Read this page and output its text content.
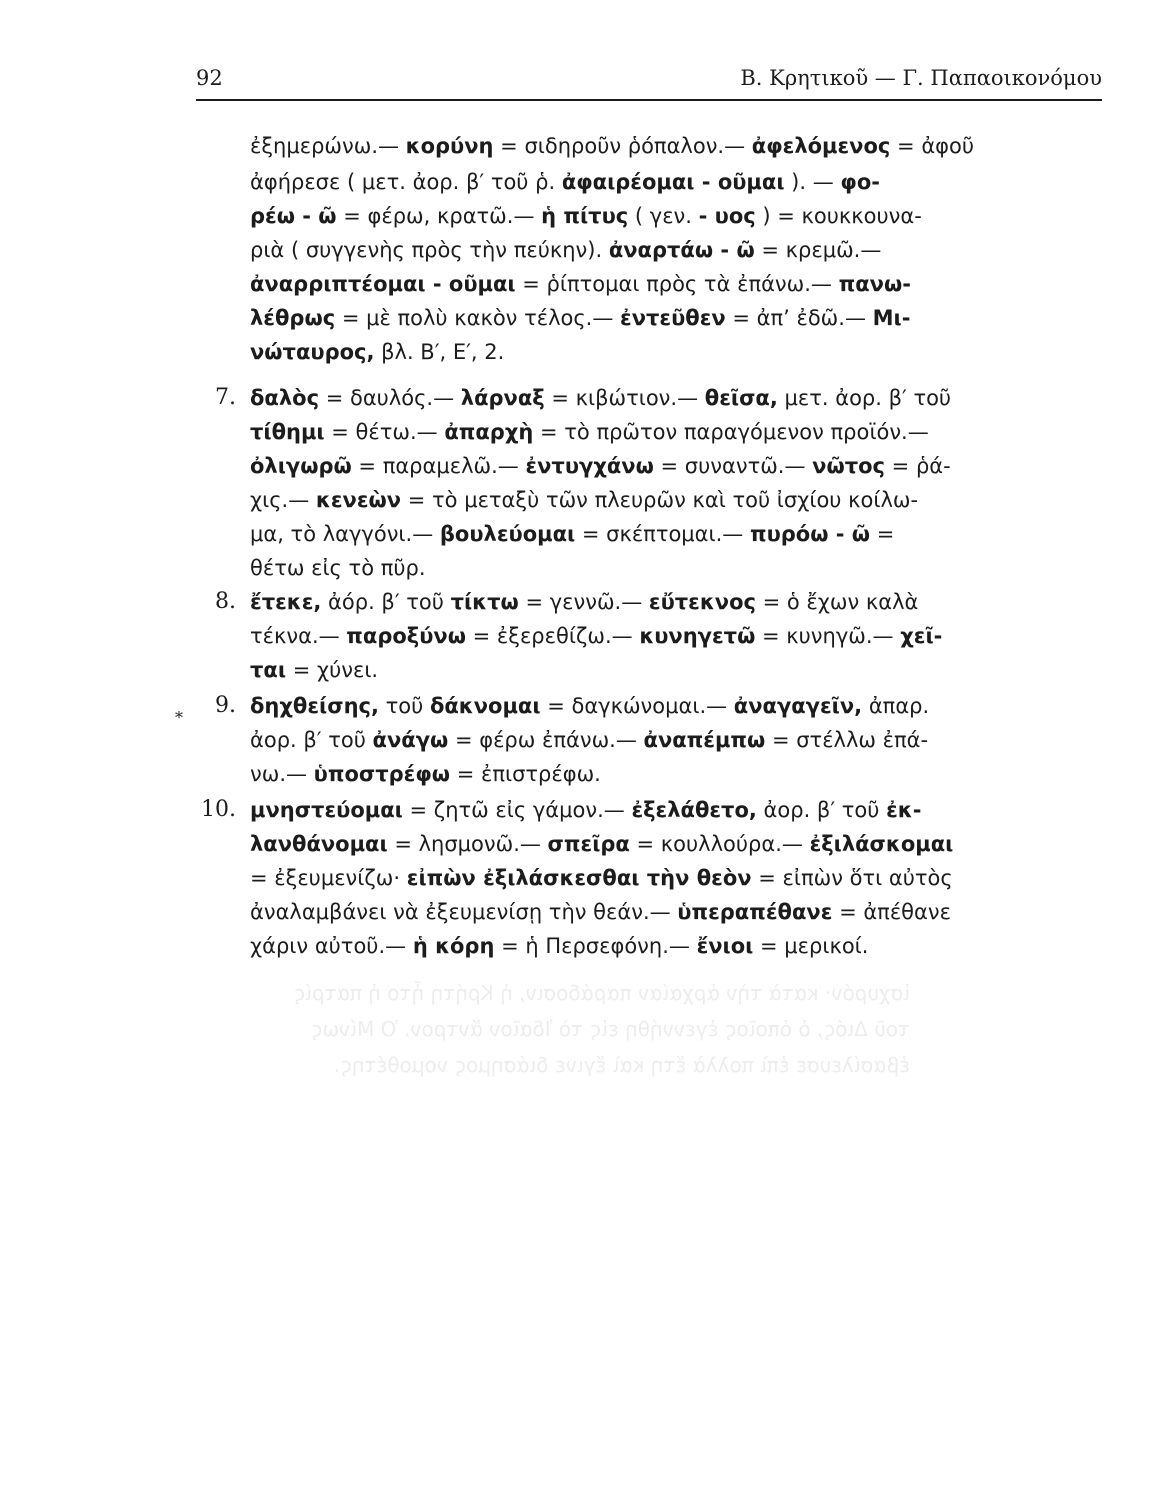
ἰσχυρόν· κατὰ τὴν ἀρχαίαν παράδοσιν, ἡ Κρήτη ἦτο ἡ πατρίς
τοῦ Διός, ὁ ὁποῖος ἐγεννήθη εἰς τὸ Ἰδαῖον ἄντρον. Ὁ Μίνως
ἐβασίλευσε ἐπὶ πολλὰ ἔτη καὶ ἔγινε διάσημος νομοθέτης.
92	Β. Κρητικοῦ — Γ. Παπαοικονόμου
7.
8.
9.
10.
*
ἐξημερώνω.— κορύνη = σιδηροῦν ῥόπαλον.— ἀφελόμενος = ἀφοῦ
ἀφήρεσε ( μετ. ἀορ. β′ τοῦ ῥ. ἀφαιρέομαι - οῦμαι ). — φο-
ρέω - ῶ = φέρω, κρατῶ.— ἡ πίτυς ( γεν. - υος ) = κουκκουνα-
ριὰ ( συγγενὴς πρὸς τὴν πεύκην). ἀναρτάω - ῶ = κρεμῶ.—
ἀναρριπτέομαι - οῦμαι = ῥίπτομαι πρὸς τὰ ἐπάνω.— πανω-
λέθρως = μὲ πολὺ κακὸν τέλος.— ἐντεῦθεν = ἀπ’ ἐδῶ.— Μι-
νώταυρος, βλ. Β′, Ε′, 2.
δαλὸς = δαυλός.— λάρναξ = κιβώτιον.— θεῖσα, μετ. ἀορ. β′ τοῦ
τίθημι = θέτω.— ἀπαρχὴ = τὸ πρῶτον παραγόμενον προϊόν.—
ὀλιγωρῶ = παραμελῶ.— ἐντυγχάνω = συναντῶ.— νῶτος = ῥά-
χις.— κενεὼν = τὸ μεταξὺ τῶν πλευρῶν καὶ τοῦ ἰσχίου κοίλω-
μα, τὸ λαγγόνι.— βουλεύομαι = σκέπτομαι.— πυρόω - ῶ =
θέτω εἰς τὸ πῦρ.
ἔτεκε, ἀόρ. β′ τοῦ τίκτω = γεννῶ.— εὔτεκνος = ὁ ἔχων καλὰ
τέκνα.— παροξύνω = ἐξερεθίζω.— κυνηγετῶ = κυνηγῶ.— χεῖ-
ται = χύνει.
δηχθείσης, τοῦ δάκνομαι = δαγκώνομαι.— ἀναγαγεῖν, ἀπαρ.
ἀορ. β′ τοῦ ἀνάγω = φέρω ἐπάνω.— ἀναπέμπω = στέλλω ἐπά-
νω.— ὑποστρέφω = ἐπιστρέφω.
μνηστεύομαι = ζητῶ εἰς γάμον.— ἐξελάθετο, ἀορ. β′ τοῦ ἐκ-
λανθάνομαι = λησμονῶ.— σπεῖρα = κουλλούρα.— ἐξιλάσκομαι
= ἐξευμενίζω· εἰπὼν ἐξιλάσκεσθαι τὴν θεὸν = εἰπὼν ὅτι αὐτὸς
ἀναλαμβάνει νὰ ἐξευμενίσῃ τὴν θεάν.— ὑπεραπέθανε = ἀπέθανε
χάριν αὐτοῦ.— ἡ κόρη = ἡ Περσεφόνη.— ἔνιοι = μερικοί.
